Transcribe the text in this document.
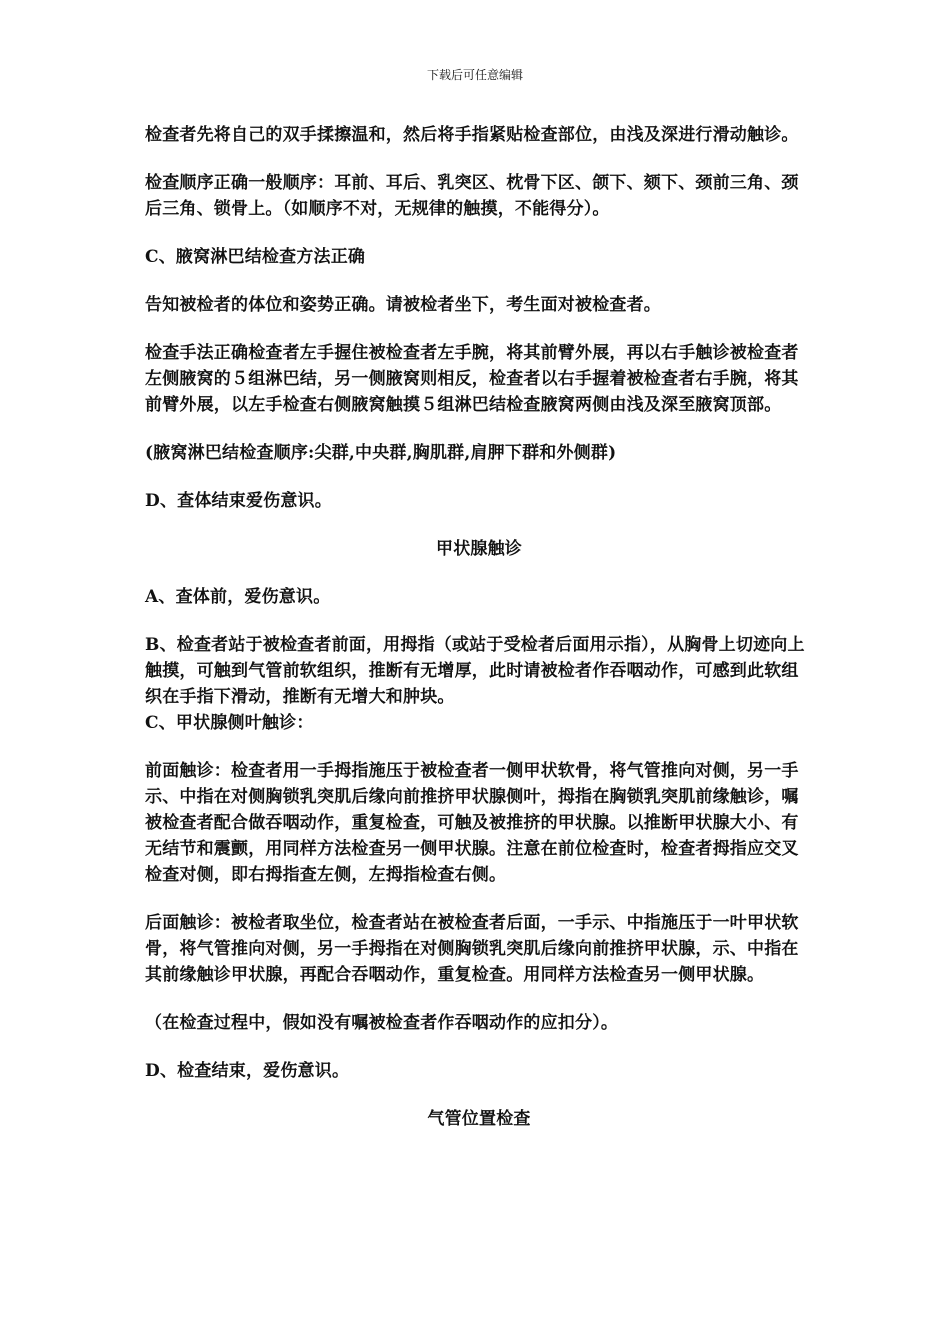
下载后可任意编辑

检查者先将自己的双手揉擦温和，然后将手指紧贴检查部位，由浅及深进行滑动触诊。

检查顺序正确一般顺序：耳前、耳后、乳突区、枕骨下区、颌下、颏下、颈前三角、颈后三角、锁骨上。（如顺序不对，无规律的触摸，不能得分）。

C、腋窝淋巴结检查方法正确

告知被检者的体位和姿势正确。请被检者坐下，考生面对被检查者。

检查手法正确检查者左手握住被检查者左手腕，将其前臂外展，再以右手触诊被检查者左侧腋窝的５组淋巴结，另一侧腋窝则相反，检查者以右手握着被检查者右手腕，将其前臂外展，以左手检查右侧腋窝触摸５组淋巴结检查腋窝两侧由浅及深至腋窝顶部。

(腋窝淋巴结检查顺序:尖群,中央群,胸肌群,肩胛下群和外侧群)

D、查体结束爱伤意识。

甲状腺触诊

A、查体前，爱伤意识。

B、检查者站于被检查者前面，用拇指（或站于受检者后面用示指），从胸骨上切迹向上触摸，可触到气管前软组织，推断有无增厚，此时请被检者作吞咽动作，可感到此软组织在手指下滑动，推断有无增大和肿块。

C、甲状腺侧叶触诊：

前面触诊：检查者用一手拇指施压于被检查者一侧甲状软骨，将气管推向对侧，另一手示、中指在对侧胸锁乳突肌后缘向前推挤甲状腺侧叶，拇指在胸锁乳突肌前缘触诊，嘱被检查者配合做吞咽动作，重复检查，可触及被推挤的甲状腺。以推断甲状腺大小、有无结节和震颤，用同样方法检查另一侧甲状腺。注意在前位检查时，检查者拇指应交叉检查对侧，即右拇指查左侧，左拇指检查右侧。

后面触诊：被检者取坐位，检查者站在被检查者后面，一手示、中指施压于一叶甲状软骨，将气管推向对侧，另一手拇指在对侧胸锁乳突肌后缘向前推挤甲状腺，示、中指在其前缘触诊甲状腺，再配合吞咽动作，重复检查。用同样方法检查另一侧甲状腺。

（在检查过程中，假如没有嘱被检查者作吞咽动作的应扣分）。

D、检查结束，爱伤意识。

气管位置检查
